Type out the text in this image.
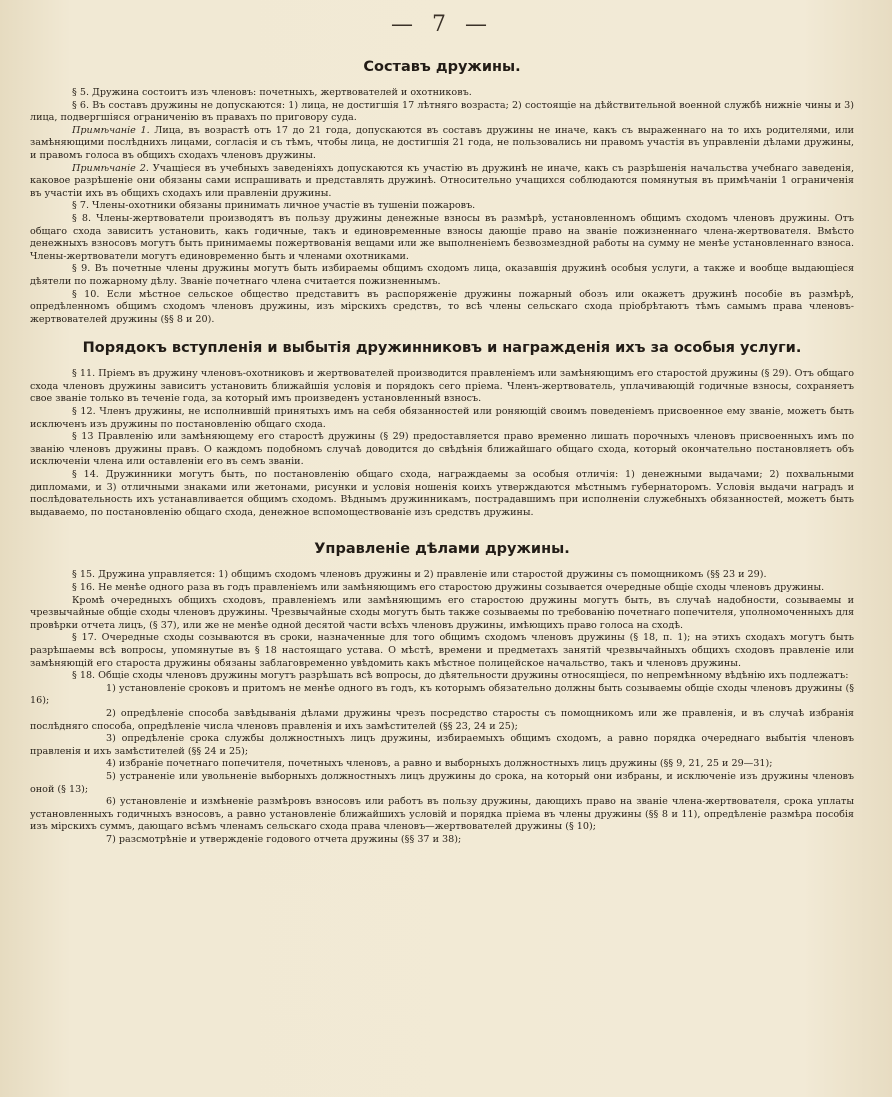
— 7 —
Составъ дружины.

§ 5. Дружина состоитъ изъ членовъ: почетныхъ, жертвователей и охотниковъ.

§ 6. Въ составъ дружины не допускаются: 1) лица, не достигшія 17 лѣтняго возраста; 2) состоящіе на дѣйствительной военной службѣ нижніе чины и 3) лица, подвергшіяся ограниченію въ правахъ по приговору суда.

Примѣчаніе 1. Лица, въ возрастѣ отъ 17 до 21 года, допускаются въ составъ дружины не иначе, какъ съ выраженнаго на то ихъ родителями, или замѣняющими послѣднихъ лицами, согласія и съ тѣмъ, чтобы лица, не достигшія 21 года, не пользовались ни правомъ участія въ управленіи дѣлами дружины, и правомъ голоса въ общихъ сходахъ членовъ дружины.

Примѣчаніе 2. Учащіеся въ учебныхъ заведеніяхъ допускаются къ участію въ дружинѣ не иначе, какъ съ разрѣшенія начальства учебнаго заведенія, каковое разрѣшеніе они обязаны сами испрашивать и представлять дружинѣ. Относительно учащихся соблюдаются помянутыя въ примѣчаніи 1 ограниченія въ участіи ихъ въ общихъ сходахъ или правленіи дружины.

§ 7. Члены-охотники обязаны принимать личное участіе въ тушеніи пожаровъ.

§ 8. Члены-жертвователи производятъ въ пользу дружины денежные взносы въ размѣрѣ, установленномъ общимъ сходомъ членовъ дружины. Отъ общаго схода зависитъ установить, какъ годичные, такъ и единовременные взносы дающіе право на званіе пожизненнаго члена-жертвователя. Вмѣсто денежныхъ взносовъ могутъ быть принимаемы пожертвованія вещами или же выполненіемъ безвозмездной работы на сумму не менѣе установленнаго взноса. Члены-жертвователи могутъ единовременно быть и членами охотниками.

§ 9. Въ почетные члены дружины могутъ быть избираемы общимъ сходомъ лица, оказавшія дружинѣ особыя услуги, а также и вообще выдающіеся дѣятели по пожарному дѣлу. Званіе почетнаго члена считается пожизненнымъ.

§ 10. Если мѣстное сельское общество представитъ въ распоряженіе дружины пожарный обозъ или окажетъ дружинѣ пособіе въ размѣрѣ, опредѣленномъ общимъ сходомъ членовъ дружины, изъ мірскихъ средствъ, то всѣ члены сельскаго схода пріобрѣтаютъ тѣмъ самымъ права членовъ-жертвователей дружины (§§ 8 и 20).

Порядокъ вступленія и выбытія дружинниковъ и награжденія ихъ за особыя услуги.

§ 11. Пріемъ въ дружину членовъ-охотниковъ и жертвователей производится правленіемъ или замѣняющимъ его старостой дружины (§ 29). Отъ общаго схода членовъ дружины зависитъ установить ближайшія условія и порядокъ сего пріема. Членъ-жертвователь, уплачивающій годичные взносы, сохраняетъ свое званіе только въ теченіе года, за который имъ произведенъ установленный взносъ.

§ 12. Членъ дружины, не исполнившій принятыхъ имъ на себя обязанностей или роняющій своимъ поведеніемъ присвоенное ему званіе, можетъ быть исключенъ изъ дружины по постановленію общаго схода.

§ 13 Правленію или замѣняющему его старостѣ дружины (§ 29) предоставляется право временно лишать порочныхъ членовъ присвоенныхъ имъ по званію членовъ дружины правъ. О каждомъ подобномъ случаѣ доводится до свѣдѣнія ближайшаго общаго схода, который окончательно постановляетъ объ исключеніи члена или оставленіи его въ семъ званіи.

§ 14. Дружинники могутъ быть, по постановленію общаго схода, награждаемы за особыя отличія: 1) денежными выдачами; 2) похвальными дипломами, и 3) отличными знаками или жетонами, рисунки и условія ношенія коихъ утверждаются мѣстнымъ губернаторомъ. Условія выдачи наградъ и послѣдовательность ихъ устанавливается общимъ сходомъ. Вѣднымъ дружинникамъ, пострадавшимъ при исполненіи служебныхъ обязанностей, можетъ быть выдаваемо, по постановленію общаго схода, денежное вспомоществованіе изъ средствъ дружины.

Управленіе дѣлами дружины.

§ 15. Дружина управляется: 1) общимъ сходомъ членовъ дружины и 2) правленіе или старостой дружины съ помощникомъ (§§ 23 и 29).

§ 16. Не менѣе одного раза въ годъ правленіемъ или замѣняющимъ его старостою дружины созывается очередные общіе сходы членовъ дружины.

Кромѣ очередныхъ общихъ сходовъ, правленіемъ или замѣняющимъ его старостою дружины могутъ быть, въ случаѣ надобности, созываемы и чрезвычайные общіе сходы членовъ дружины. Чрезвычайные сходы могутъ быть также созываемы по требованію почетнаго попечителя, уполномоченныхъ для провѣрки отчета лицъ, (§ 37), или же не менѣе одной десятой части всѣхъ членовъ дружины, имѣющихъ право голоса на сходѣ.

§ 17. Очередные сходы созываются въ сроки, назначенные для того общимъ сходомъ членовъ дружины (§ 18, п. 1); на этихъ сходахъ могутъ быть разрѣшаемы всѣ вопросы, упомянутые въ § 18 настоящаго устава. О мѣстѣ, времени и предметахъ занятій чрезвычайныхъ общихъ сходовъ правленіе или замѣняющій его староста дружины обязаны заблаговременно увѣдомить какъ мѣстное полицейское начальство, такъ и членовъ дружины.

§ 18. Общіе сходы членовъ дружины могутъ разрѣшать всѣ вопросы, до дѣятельности дружины относящіеся, по непремѣнному вѣдѣнію ихъ подлежатъ:

1) установленіе сроковъ и притомъ не менѣе одного въ годъ, къ которымъ обязательно должны быть созываемы общіе сходы членовъ дружины (§ 16);

2) опредѣленіе способа завѣдыванія дѣлами дружины чрезъ посредство старосты съ помощникомъ или же правленія, и въ случаѣ избранія послѣдняго способа, опредѣленіе числа членовъ правленія и ихъ замѣстителей (§§ 23, 24 и 25);

3) опредѣленіе срока службы должностныхъ лицъ дружины, избираемыхъ общимъ сходомъ, а равно порядка очереднаго выбытія членовъ правленія и ихъ замѣстителей (§§ 24 и 25);

4) избраніе почетнаго попечителя, почетныхъ членовъ, а равно и выборныхъ должностныхъ лицъ дружины (§§ 9, 21, 25 и 29—31);

5) устраненіе или увольненіе выборныхъ должностныхъ лицъ дружины до срока, на который они избраны, и исключеніе изъ дружины членовъ оной (§ 13);

6) установленіе и измѣненіе размѣровъ взносовъ или работъ въ пользу дружины, дающихъ право на званіе члена-жертвователя, срока уплаты установленныхъ годичныхъ взносовъ, а равно установленіе ближайшихъ условій и порядка пріема въ члены дружины (§§ 8 и 11), опредѣленіе размѣра пособія изъ мірскихъ суммъ, дающаго всѣмъ членамъ сельскаго схода права членовъ—жертвователей дружины (§ 10);

7) разсмотрѣніе и утвержденіе годового отчета дружины (§§ 37 и 38);
